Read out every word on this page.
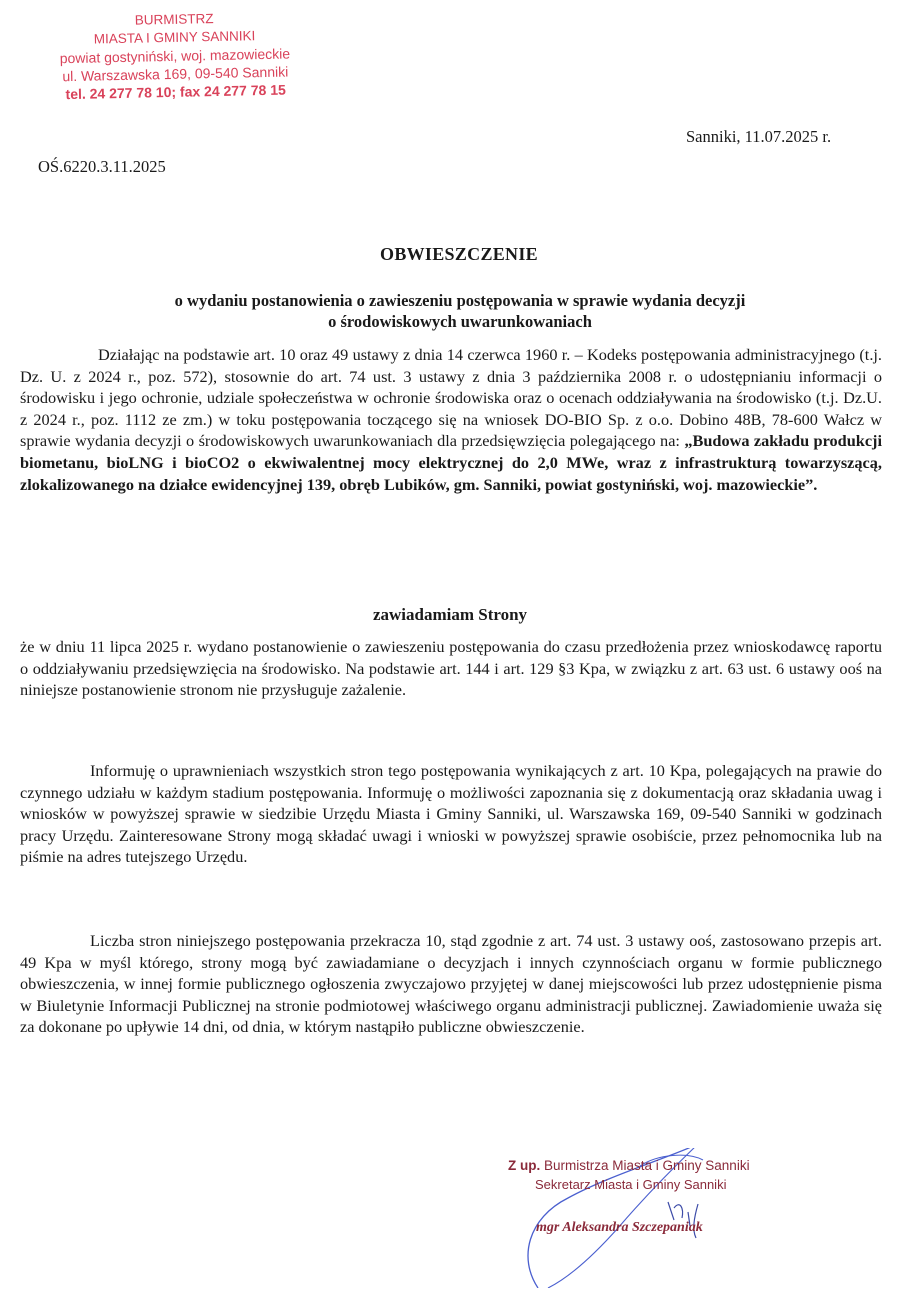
BURMISTRZ
MIASTA I GMINY SANNIKI
powiat gostyniński, woj. mazowieckie
ul. Warszawska 169, 09-540 Sanniki
tel. 24 277 78 10; fax 24 277 78 15
Sanniki, 11.07.2025 r.
OŚ.6220.3.11.2025
OBWIESZCZENIE
o wydaniu postanowienia o zawieszeniu postępowania w sprawie wydania decyzji
o środowiskowych uwarunkowaniach
Działając na podstawie art. 10 oraz 49 ustawy z dnia 14 czerwca 1960 r. – Kodeks postępowania administracyjnego (t.j. Dz. U. z 2024 r., poz. 572), stosownie do art. 74 ust. 3 ustawy z dnia 3 października 2008 r. o udostępnianiu informacji o środowisku i jego ochronie, udziale społeczeństwa w ochronie środowiska oraz o ocenach oddziaływania na środowisko (t.j. Dz.U. z 2024 r., poz. 1112 ze zm.) w toku postępowania toczącego się na wniosek DO-BIO Sp. z o.o. Dobino 48B, 78-600 Wałcz w sprawie wydania decyzji o środowiskowych uwarunkowaniach dla przedsięwzięcia polegającego na: „Budowa zakładu produkcji biometanu, bioLNG i bioCO2 o ekwiwalentnej mocy elektrycznej do 2,0 MWe, wraz z infrastrukturą towarzyszącą, zlokalizowanego na działce ewidencyjnej 139, obręb Lubików, gm. Sanniki, powiat gostyniński, woj. mazowieckie”.
zawiadamiam Strony
że w dniu 11 lipca 2025 r. wydano postanowienie o zawieszeniu postępowania do czasu przedłożenia przez wnioskodawcę raportu o oddziaływaniu przedsięwzięcia na środowisko. Na podstawie art. 144 i art. 129 §3 Kpa, w związku z art. 63 ust. 6 ustawy ooś na niniejsze postanowienie stronom nie przysługuje zażalenie.
Informuję o uprawnieniach wszystkich stron tego postępowania wynikających z art. 10 Kpa, polegających na prawie do czynnego udziału w każdym stadium postępowania. Informuję o możliwości zapoznania się z dokumentacją oraz składania uwag i wniosków w powyższej sprawie w siedzibie Urzędu Miasta i Gminy Sanniki, ul. Warszawska 169, 09-540 Sanniki w godzinach pracy Urzędu. Zainteresowane Strony mogą składać uwagi i wnioski w powyższej sprawie osobiście, przez pełnomocnika lub na piśmie na adres tutejszego Urzędu.
Liczba stron niniejszego postępowania przekracza 10, stąd zgodnie z art. 74 ust. 3 ustawy ooś, zastosowano przepis art. 49 Kpa w myśl którego, strony mogą być zawiadamiane o decyzjach i innych czynnościach organu w formie publicznego obwieszczenia, w innej formie publicznego ogłoszenia zwyczajowo przyjętej w danej miejscowości lub przez udostępnienie pisma w Biuletynie Informacji Publicznej na stronie podmiotowej właściwego organu administracji publicznej. Zawiadomienie uważa się za dokonane po upływie 14 dni, od dnia, w którym nastąpiło publiczne obwieszczenie.
Z up. Burmistrza Miasta i Gminy Sanniki
Sekretarz Miasta i Gminy Sanniki
mgr Aleksandra Szczepaniak
